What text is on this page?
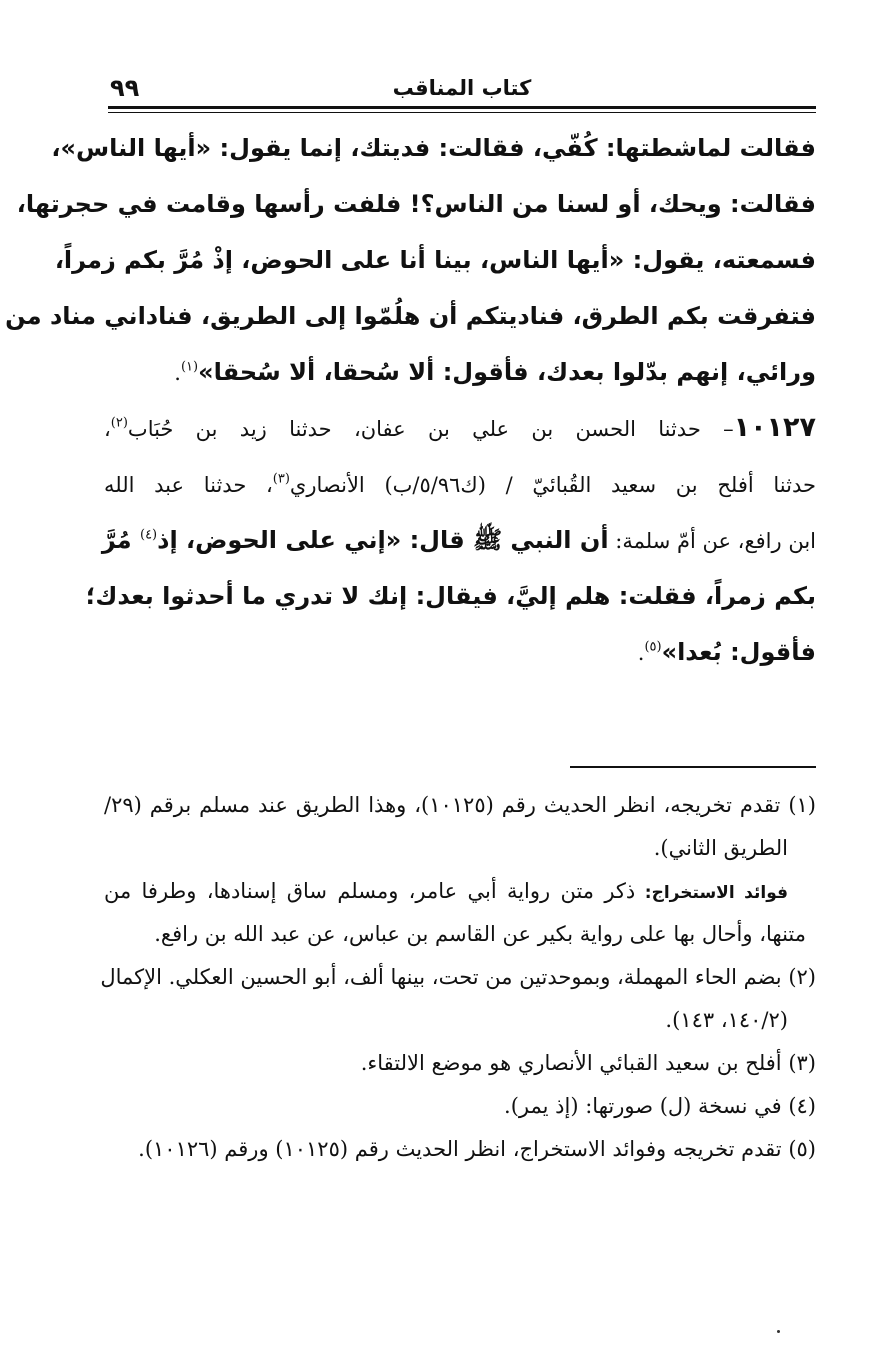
٩٩	كتاب المناقب
فقالت لماشطتها: كُفّي، فقالت: فديتك، إنما يقول: «أيها الناس»،
فقالت: ويحك، أو لسنا من الناس؟! فلفت رأسها وقامت في حجرتها،
فسمعته، يقول: «أيها الناس، بينا أنا على الحوض، إذْ مُرَّ بكم زمراً،
فتفرقت بكم الطرق، فناديتكم أن هلُمّوا إلى الطريق، فناداني مناد من
ورائي، إنهم بدّلوا بعدك، فأقول: ألا سُحقا، ألا سُحقا»$^{(١)}$.
١٠١٢٧– حدثنا الحسن بن علي بن عفان، حدثنا زيد بن حُبَاب$^{(٢)}$،
حدثنا أفلح بن سعيد القُبائيّ / (ك٥/٩٦/ب) الأنصاري$^{(٣)}$، حدثنا عبد الله
ابن رافع، عن أمّ سلمة: أن النبي ﷺ قال: «إني على الحوض، إذ$^{(٤)}$ مُرَّ
بكم زمراً، فقلت: هلم إليَّ، فيقال: إنك لا تدري ما أحدثوا بعدك؛
فأقول: بُعدا»$^{(٥)}$.
(١) تقدم تخريجه، انظر الحديث رقم (١٠١٢٥)، وهذا الطريق عند مسلم برقم (٢٩/
الطريق الثاني).
فوائد الاستخراج: ذكر متن رواية أبي عامر، ومسلم ساق إسنادها، وطرفا من
متنها، وأحال بها على رواية بكير عن القاسم بن عباس، عن عبد الله بن رافع.
(٢) بضم الحاء المهملة، وبموحدتين من تحت، بينها ألف، أبو الحسين العكلي. الإكمال
(١٤٠/٢، ١٤٣).
(٣) أفلح بن سعيد القبائي الأنصاري هو موضع الالتقاء.
(٤) في نسخة (ل) صورتها: (إذ يمر).
(٥) تقدم تخريجه وفوائد الاستخراج، انظر الحديث رقم (١٠١٢٥) ورقم (١٠١٢٦).
